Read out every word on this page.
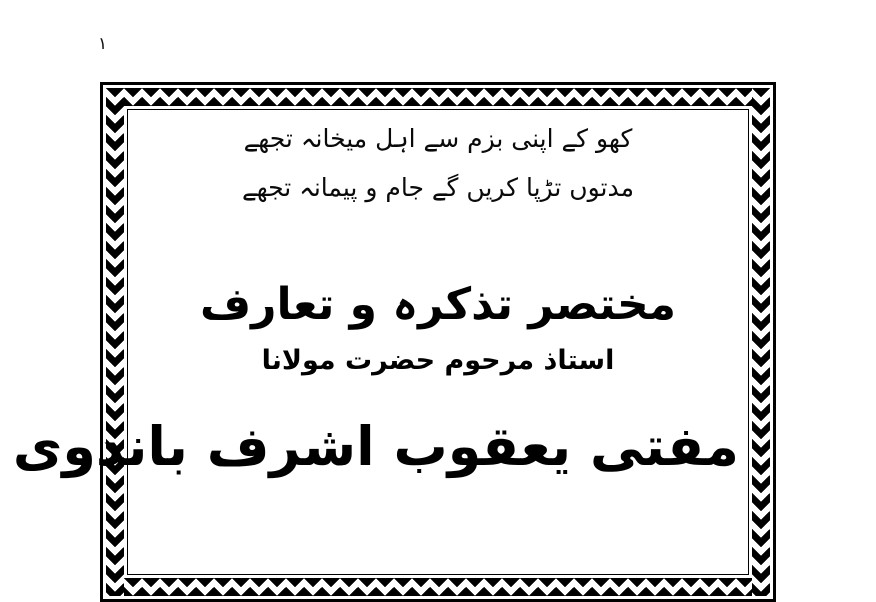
١
کھو کے اپنی بزم سے اہل میخانہ تجھے
مدتوں تڑپا کریں گے جام و پیمانہ تجھے
مختصر تذکرہ و تعارف
استاذ مرحوم حضرت مولانا
مفتی یعقوب اشرف باندوی
